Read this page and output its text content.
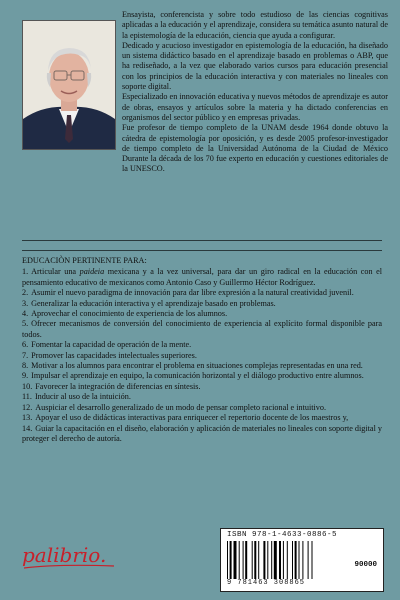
Ensayista, conferencista y sobre todo estudioso de las ciencias cognitivas aplicadas a la educación y el aprendizaje, considera su temática asunto natural de la epistemología de la educación, ciencia que ayuda a configurar.

Dedicado y acucioso investigador en epistemología de la educación, ha diseñado un sistema didáctico basado en el aprendizaje basado en problemas o ABP, que ha rediseñado, a la vez que elaborado varios cursos para educación presencial con los principios de la educación interactiva y con materiales no lineales con soporte digital.

Especializado en innovación educativa y nuevos métodos de aprendizaje es autor de obras, ensayos y artículos sobre la materia y ha dictado conferencias en organismos del sector público y en empresas privadas.

Fue profesor de tiempo completo de la UNAM desde 1964 donde obtuvo la cátedra de epistemología por oposición, y es desde 2005 profesor-investigador de tiempo completo de la Universidad Autónoma de la Ciudad de México Durante la década de los 70 fue experto en educación y cuestiones editoriales de la UNESCO.

EDUCACIÒN PERTINENTE PARA:

1. Articular una paideia mexicana y a la vez universal, para dar un giro radical en la educación con el pensamiento educativo de mexicanos como Antonio Caso y Guillermo Héctor Rodríguez.
2. Asumir el nuevo paradigma de innovación para dar libre expresión a la natural creatividad juvenil.
3. Generalizar la educación interactiva y el aprendizaje basado en problemas.
4. Aprovechar el conocimiento de experiencia de los alumnos.
5. Ofrecer mecanismos de conversión del conocimiento de experiencia al explícito formal disponible para todos.
6. Fomentar la capacidad de operación de la mente.
7. Promover las capacidades intelectuales superiores.
8. Motivar a los alumnos para encontrar el problema en situaciones complejas representadas en una red.
9. Impulsar el aprendizaje en equipo, la comunicación horizontal y el diálogo productivo entre alumnos.
10. Favorecer la integración de diferencias en síntesis.
11. Inducir al uso de la intuición.
12. Auspiciar el desarrollo generalizado de un modo de pensar completo racional e intuitivo.
13. Apoyar el uso de didácticas interactivas para enriquecer el repertorio docente de los maestros y,
14. Guiar la capacitación en el diseño, elaboración y aplicación de materiales no lineales con soporte digital y proteger el derecho de autoría.
palibrio.
ISBN 978-1-4633-0886-5
9 781463 308865
90000
